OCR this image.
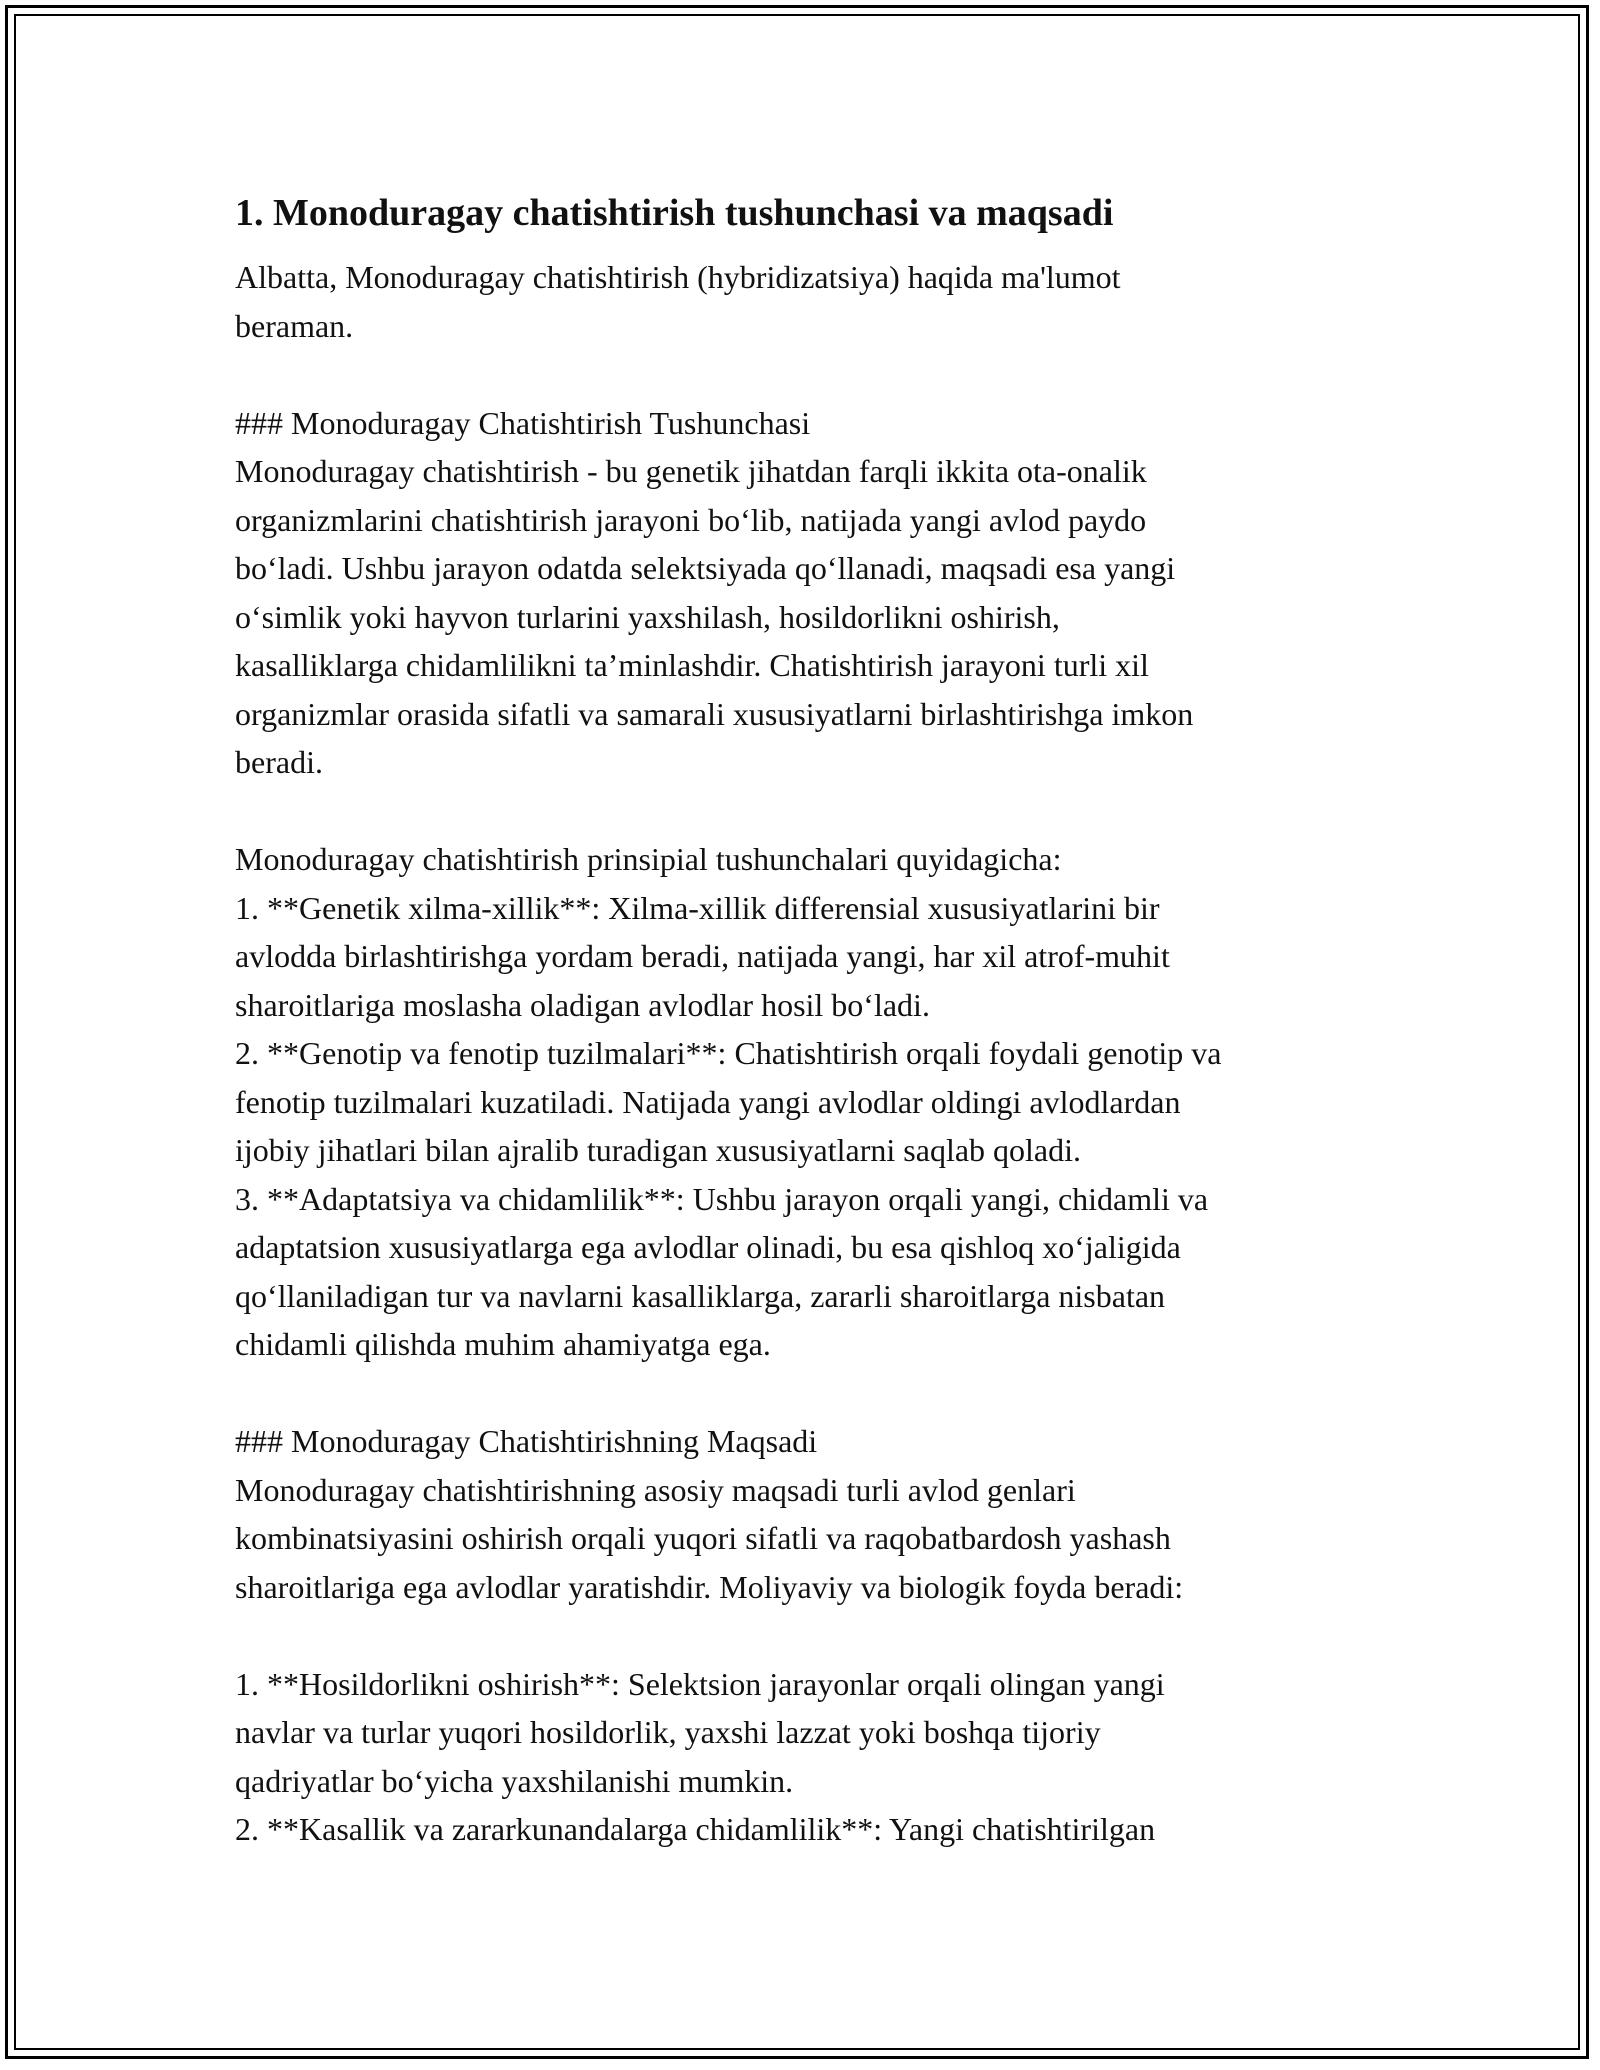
1. Monoduragay chatishtirish tushunchasi va maqsadi
Albatta, Monoduragay chatishtirish (hybridizatsiya) haqida ma'lumot
beraman.
### Monoduragay Chatishtirish Tushunchasi
Monoduragay chatishtirish - bu genetik jihatdan farqli ikkita ota-onalik
organizmlarini chatishtirish jarayoni boʻlib, natijada yangi avlod paydo
boʻladi. Ushbu jarayon odatda selektsiyada qoʻllanadi, maqsadi esa yangi
oʻsimlik yoki hayvon turlarini yaxshilash, hosildorlikni oshirish,
kasalliklarga chidamlilikni ta’minlashdir. Chatishtirish jarayoni turli xil
organizmlar orasida sifatli va samarali xususiyatlarni birlashtirishga imkon
beradi.
Monoduragay chatishtirish prinsipial tushunchalari quyidagicha:
1. **Genetik xilma-xillik**: Xilma-xillik differensial xususiyatlarini bir
avlodda birlashtirishga yordam beradi, natijada yangi, har xil atrof-muhit
sharoitlariga moslasha oladigan avlodlar hosil boʻladi.
2. **Genotip va fenotip tuzilmalari**: Chatishtirish orqali foydali genotip va
fenotip tuzilmalari kuzatiladi. Natijada yangi avlodlar oldingi avlodlardan
ijobiy jihatlari bilan ajralib turadigan xususiyatlarni saqlab qoladi.
3. **Adaptatsiya va chidamlilik**: Ushbu jarayon orqali yangi, chidamli va
adaptatsion xususiyatlarga ega avlodlar olinadi, bu esa qishloq xoʻjaligida
qoʻllaniladigan tur va navlarni kasalliklarga, zararli sharoitlarga nisbatan
chidamli qilishda muhim ahamiyatga ega.
### Monoduragay Chatishtirishning Maqsadi
Monoduragay chatishtirishning asosiy maqsadi turli avlod genlari
kombinatsiyasini oshirish orqali yuqori sifatli va raqobatbardosh yashash
sharoitlariga ega avlodlar yaratishdir. Moliyaviy va biologik foyda beradi:
1. **Hosildorlikni oshirish**: Selektsion jarayonlar orqali olingan yangi
navlar va turlar yuqori hosildorlik, yaxshi lazzat yoki boshqa tijoriy
qadriyatlar boʻyicha yaxshilanishi mumkin.
2. **Kasallik va zararkunandalarga chidamlilik**: Yangi chatishtirilgan
